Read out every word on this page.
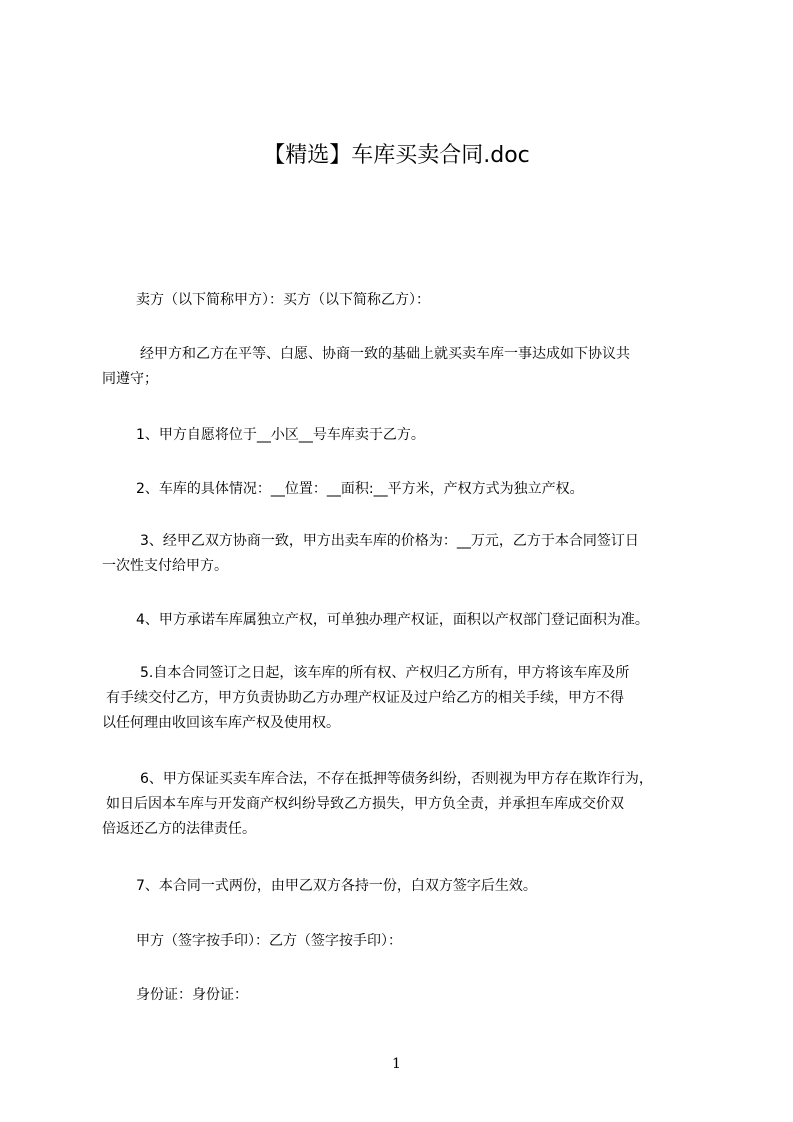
【精选】车库买卖合同.doc
卖方（以下简称甲方）：买方（以下简称乙方）：
经甲方和乙方在平等、白愿、协商一致的基础上就买卖车库一事达成如下协议共
同遵守；
1、甲方自愿将位于__小区__号车库卖于乙方。
2、车库的具体情况：__位置：__面积:__平方米，产权方式为独立产权。
3、经甲乙双方协商一致，甲方出卖车库的价格为：__万元，乙方于本合同签订日
一次性支付给甲方。
4、甲方承诺车库属独立产权，可单独办理产权证，面积以产权部门登记面积为准。
5.自本合同签订之日起，该车库的所有权、产权归乙方所有，甲方将该车库及所
有手续交付乙方，甲方负责协助乙方办理产权证及过户给乙方的相关手续，甲方不得
以任何理由收回该车库产权及使用权。
6、甲方保证买卖车库合法，不存在抵押等债务纠纷，否则视为甲方存在欺诈行为，
如日后因本车库与开发商产权纠纷导致乙方损失，甲方负全责，并承担车库成交价双
倍返还乙方的法律责任。
7、本合同一式两份，由甲乙双方各持一份，白双方签字后生效。
甲方（签字按手印）：乙方（签字按手印）：
身份证：身份证：
1
